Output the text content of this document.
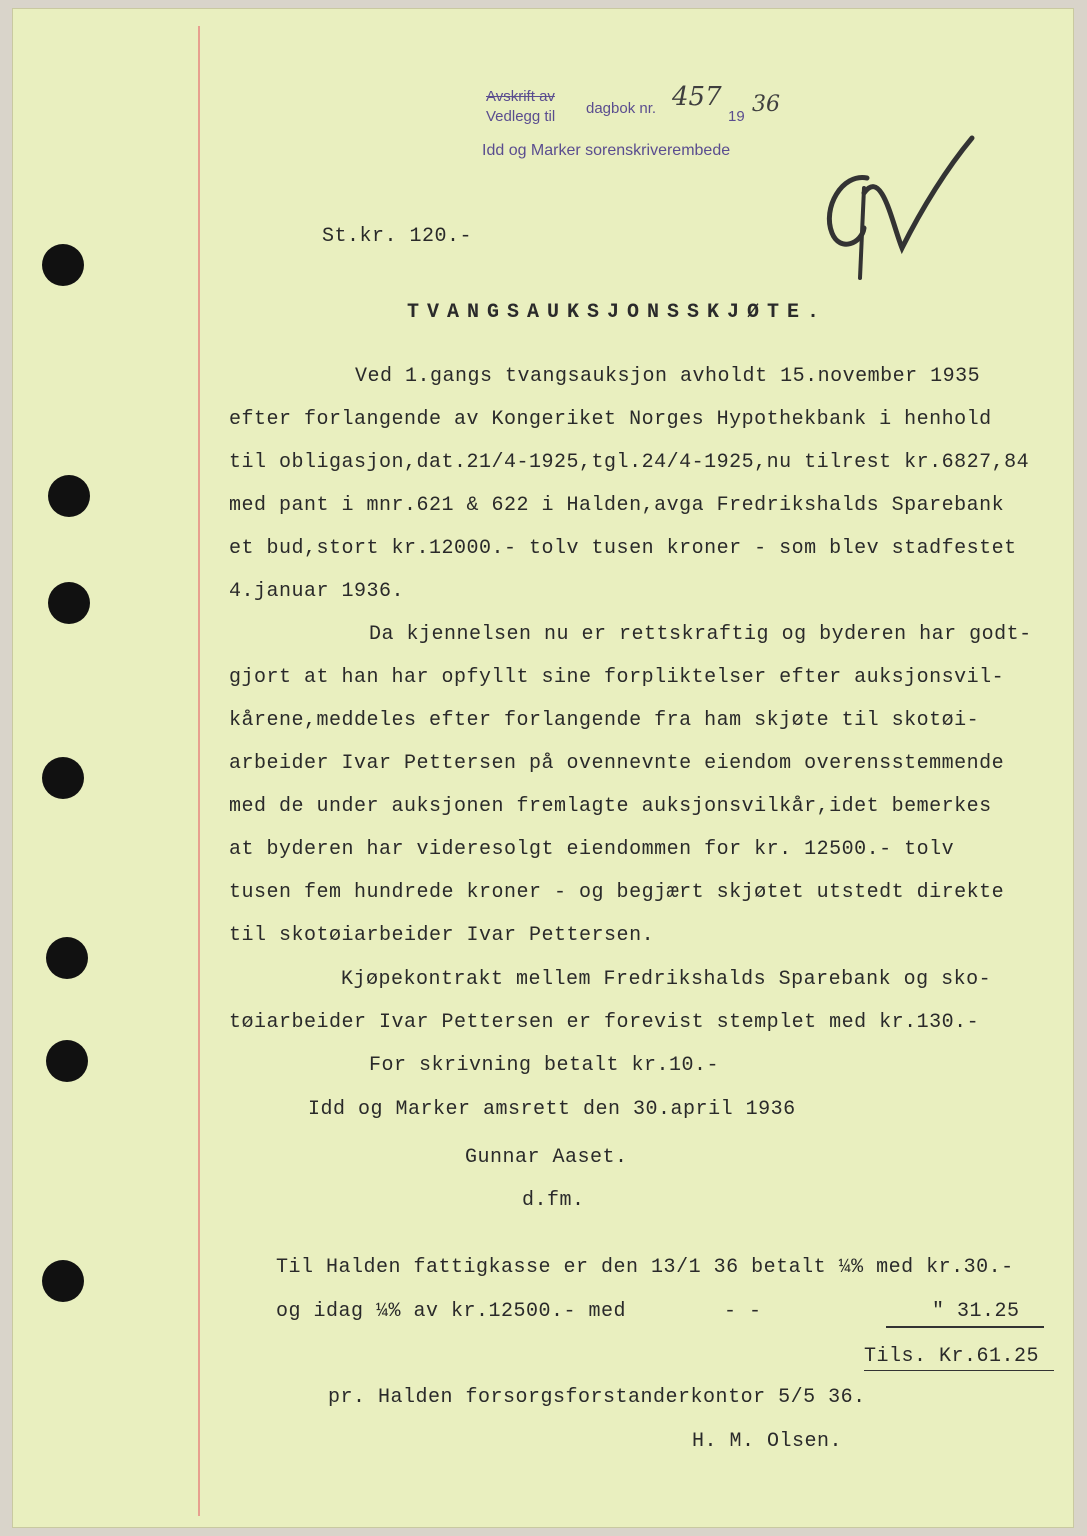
Avskrift av
Vedlegg til dagbok nr. 457
19 36
Idd og Marker sorenskriverembede
St.kr. 120.-
TVANGSAUKSJONSSKJØTE.
Ved 1.gangs tvangsauksjon avholdt 15.november 1935
efter forlangende av Kongeriket Norges Hypothekbank i henhold
til obligasjon,dat.21/4-1925,tgl.24/4-1925,nu tilrest kr.6827,84
med pant i mnr.621 & 622 i Halden,avga Fredrikshalds Sparebank
et bud,stort kr.12000.- tolv tusen kroner - som blev stadfestet
4.januar 1936.
Da kjennelsen nu er rettskraftig og byderen har godt-
gjort at han har opfyllt sine forpliktelser efter auksjonsvil-
kårene,meddeles efter forlangende fra ham skjøte til skotøi-
arbeider Ivar Pettersen på ovennevnte eiendom overensstemmende
med de under auksjonen fremlagte auksjonsvilkår,idet bemerkes
at byderen har videresolgt eiendommen for kr. 12500.- tolv
tusen fem hundrede kroner - og begjært skjøtet utstedt direkte
til skotøiarbeider Ivar Pettersen.
Kjøpekontrakt mellem Fredrikshalds Sparebank og sko-
tøiarbeider Ivar Pettersen er forevist stemplet med kr.130.-
For skrivning betalt kr.10.-
Idd og Marker amsrett den 30.april 1936
Gunnar Aaset.
d.fm.
Til Halden fattigkasse er den 13/1 36 betalt ¼% med kr.30.-
og idag ¼% av kr.12500.- med	- -	" 31.25
Tils. Kr.61.25
pr. Halden forsorgsforstanderkontor 5/5 36.
H. M. Olsen.
